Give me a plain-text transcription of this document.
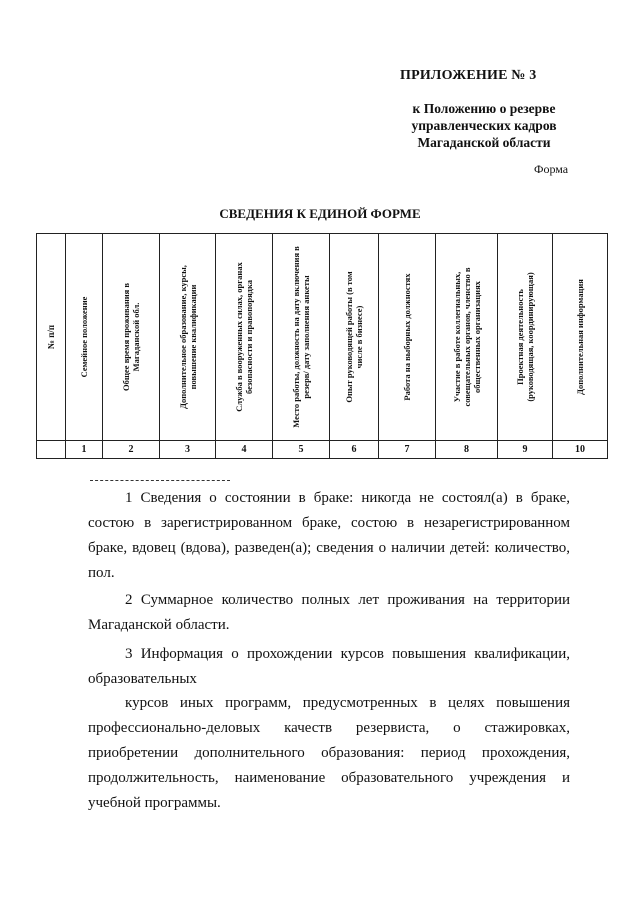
ПРИЛОЖЕНИЕ № 3
к Положению о резерве
управленческих кадров
Магаданской области
Форма
СВЕДЕНИЯ К ЕДИНОЙ ФОРМЕ
№ п/п	Семейное положение	Общее время проживания в Магаданской обл.	Дополнительное образование, курсы, повышение квалификации	Служба в вооруженных силах, органах безопасности и правопорядка	Место работы, должность на дату включения в резерв/ дату заполнения анкеты	Опыт руководящей работы (в том числе в бизнесе)	Работа на выборных должностях	Участие в работе коллегиальных, совещательных органов, членство в общественных организациях	Проектная деятельность (руководящая, координирующая)	Дополнительная информация

	1	2	3	4	5	6	7	8	9	10

1 Сведения о состоянии в браке: никогда не состоял(а) в браке, состою в зарегистрированном браке, состою в незарегистрированном браке, вдовец (вдова), разведен(а); сведения о наличии детей: количество, пол.

2 Суммарное количество полных лет проживания на территории Магаданской области.

3 Информация о прохождении курсов повышения квалификации, образовательных

курсов иных программ, предусмотренных в целях повышения профессионально-деловых качеств резервиста, о стажировках, приобретении дополнительного образования: период прохождения, продолжительность, наименование образовательного учреждения и учебной программы.
